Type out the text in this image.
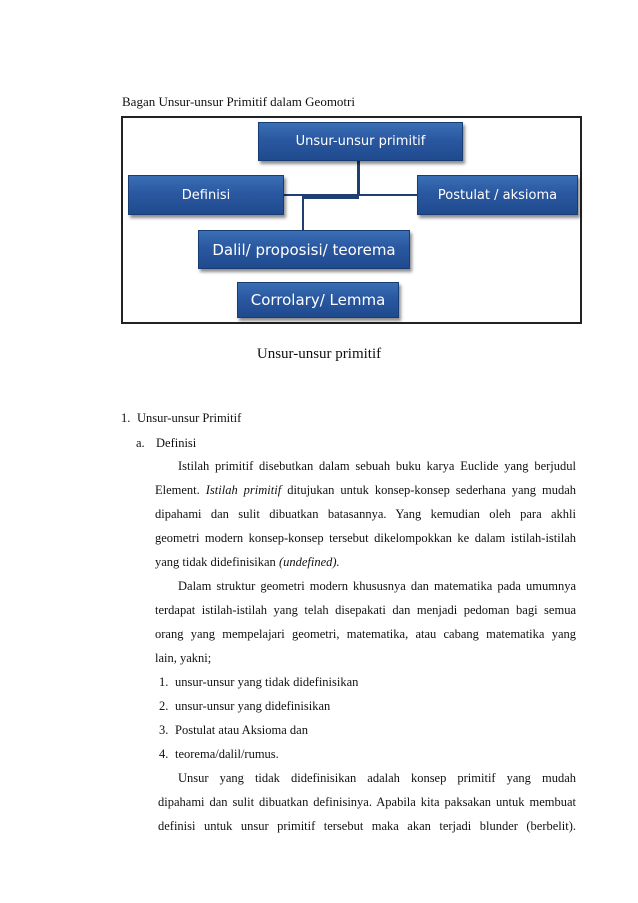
Bagan Unsur-unsur Primitif dalam Geomotri
Unsur-unsur primitif
Definisi	Postulat / aksioma
Dalil/ proposisi/ teorema
Corrolary/ Lemma
Unsur-unsur primitif
1. Unsur-unsur Primitif
a. Definisi
Istilah primitif disebutkan dalam sebuah buku karya Euclide yang berjudul
Element. Istilah primitif ditujukan untuk konsep-konsep sederhana yang mudah
dipahami dan sulit dibuatkan batasannya. Yang kemudian oleh para akhli
geometri modern konsep-konsep tersebut dikelompokkan ke dalam istilah-istilah
yang tidak didefinisikan (undefined).
Dalam struktur geometri modern khususnya dan matematika pada umumnya
terdapat istilah-istilah yang telah disepakati dan menjadi pedoman bagi semua
orang yang mempelajari geometri, matematika, atau cabang matematika yang
lain, yakni;
1. unsur-unsur yang tidak didefinisikan
2. unsur-unsur yang didefinisikan
3. Postulat atau Aksioma dan
4. teorema/dalil/rumus.
Unsur yang tidak didefinisikan adalah konsep primitif yang mudah
dipahami dan sulit dibuatkan definisinya. Apabila kita paksakan untuk membuat
definisi untuk unsur primitif tersebut maka akan terjadi blunder (berbelit).
